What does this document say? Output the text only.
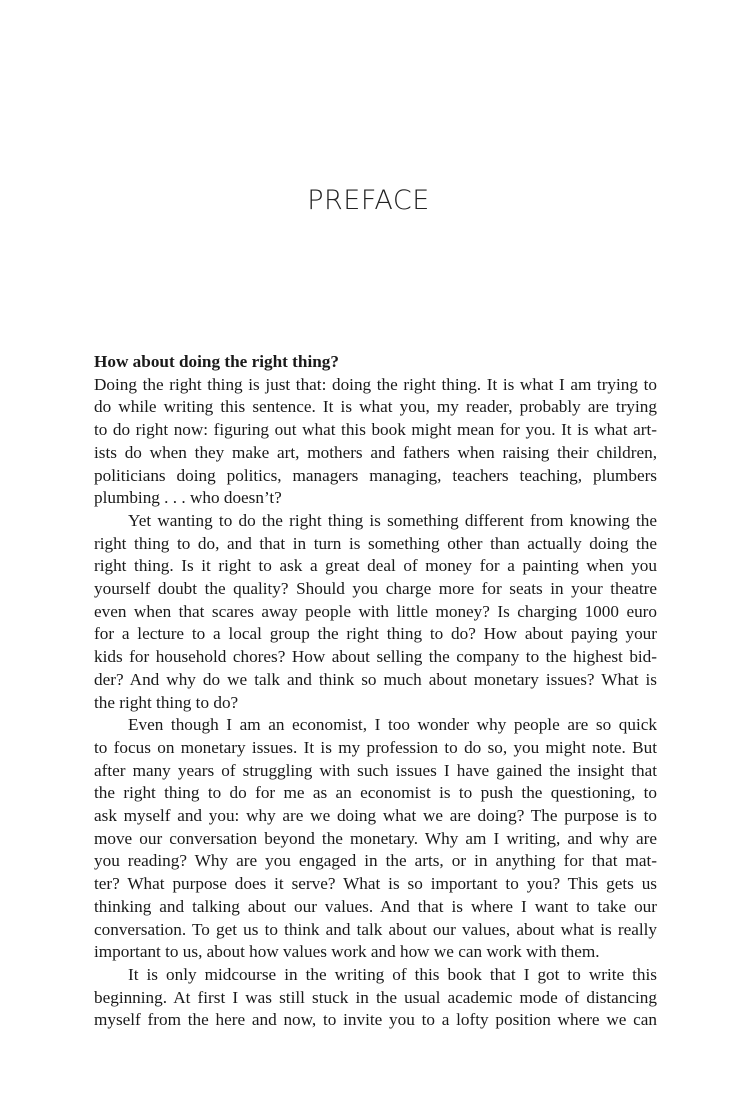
PREFACE
How about doing the right thing?
Doing the right thing is just that: doing the right thing. It is what I am trying to
do while writing this sentence. It is what you, my reader, probably are trying
to do right now: figuring out what this book might mean for you. It is what art-
ists do when they make art, mothers and fathers when raising their children,
politicians doing politics, managers managing, teachers teaching, plumbers
plumbing . . . who doesn’t?
Yet wanting to do the right thing is something different from knowing the
right thing to do, and that in turn is something other than actually doing the
right thing. Is it right to ask a great deal of money for a painting when you
yourself doubt the quality? Should you charge more for seats in your theatre
even when that scares away people with little money? Is charging 1000 euro
for a lecture to a local group the right thing to do? How about paying your
kids for household chores? How about selling the company to the highest bid-
der? And why do we talk and think so much about monetary issues? What is
the right thing to do?
Even though I am an economist, I too wonder why people are so quick
to focus on monetary issues. It is my profession to do so, you might note. But
after many years of struggling with such issues I have gained the insight that
the right thing to do for me as an economist is to push the questioning, to
ask myself and you: why are we doing what we are doing? The purpose is to
move our conversation beyond the monetary. Why am I writing, and why are
you reading? Why are you engaged in the arts, or in anything for that mat-
ter? What purpose does it serve? What is so important to you? This gets us
thinking and talking about our values. And that is where I want to take our
conversation. To get us to think and talk about our values, about what is really
important to us, about how values work and how we can work with them.
It is only midcourse in the writing of this book that I got to write this
beginning. At first I was still stuck in the usual academic mode of distancing
myself from the here and now, to invite you to a lofty position where we can
